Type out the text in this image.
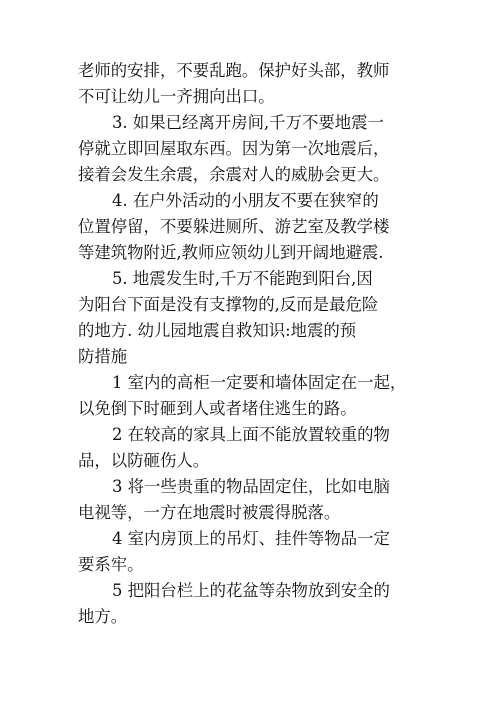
老师的安排，不要乱跑。保护好头部，教师
不可让幼儿一齐拥向出口。
3. 如果已经离开房间,千万不要地震一
停就立即回屋取东西。因为第一次地震后，
接着会发生余震，余震对人的威胁会更大。
4. 在户外活动的小朋友不要在狭窄的
位置停留，不要躲进厕所、游艺室及教学楼
等建筑物附近,教师应领幼儿到开阔地避震.
5. 地震发生时,千万不能跑到阳台,因
为阳台下面是没有支撑物的,反而是最危险
的地方. 幼儿园地震自救知识:地震的预
防措施
1 室内的高柜一定要和墙体固定在一起，
以免倒下时砸到人或者堵住逃生的路。
2 在较高的家具上面不能放置较重的物
品，以防砸伤人。
3 将一些贵重的物品固定住，比如电脑
电视等，一方在地震时被震得脱落。
4 室内房顶上的吊灯、挂件等物品一定
要系牢。
5 把阳台栏上的花盆等杂物放到安全的
地方。
